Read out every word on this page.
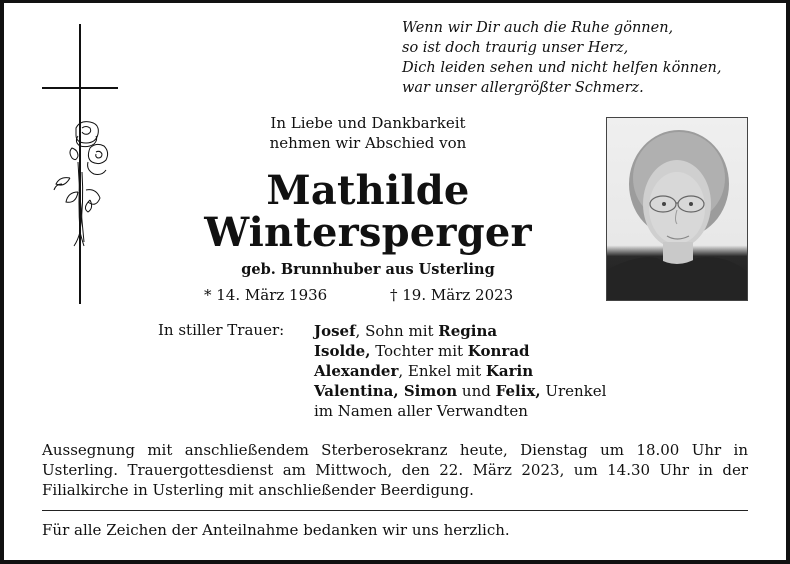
Wenn wir Dir auch die Ruhe gönnen,
so ist doch traurig unser Herz,
Dich leiden sehen und nicht helfen können,
war unser allergrößter Schmerz.
In Liebe und Dankbarkeit
nehmen wir Abschied von
Mathilde
Wintersperger
geb. Brunnhuber aus Usterling
* 14. März 1936	† 19. März 2023
In stiller Trauer: Josef, Sohn mit Regina
Isolde, Tochter mit Konrad
Alexander, Enkel mit Karin
Valentina, Simon und Felix, Urenkel
im Namen aller Verwandten
Aussegnung mit anschließendem Sterberosekranz heute, Dienstag um 18.00 Uhr in Usterling. Trauergottesdienst am Mittwoch, den 22. März 2023, um 14.30 Uhr in der Filialkirche in Usterling mit anschließender Beerdigung.
Für alle Zeichen der Anteilnahme bedanken wir uns herzlich.
